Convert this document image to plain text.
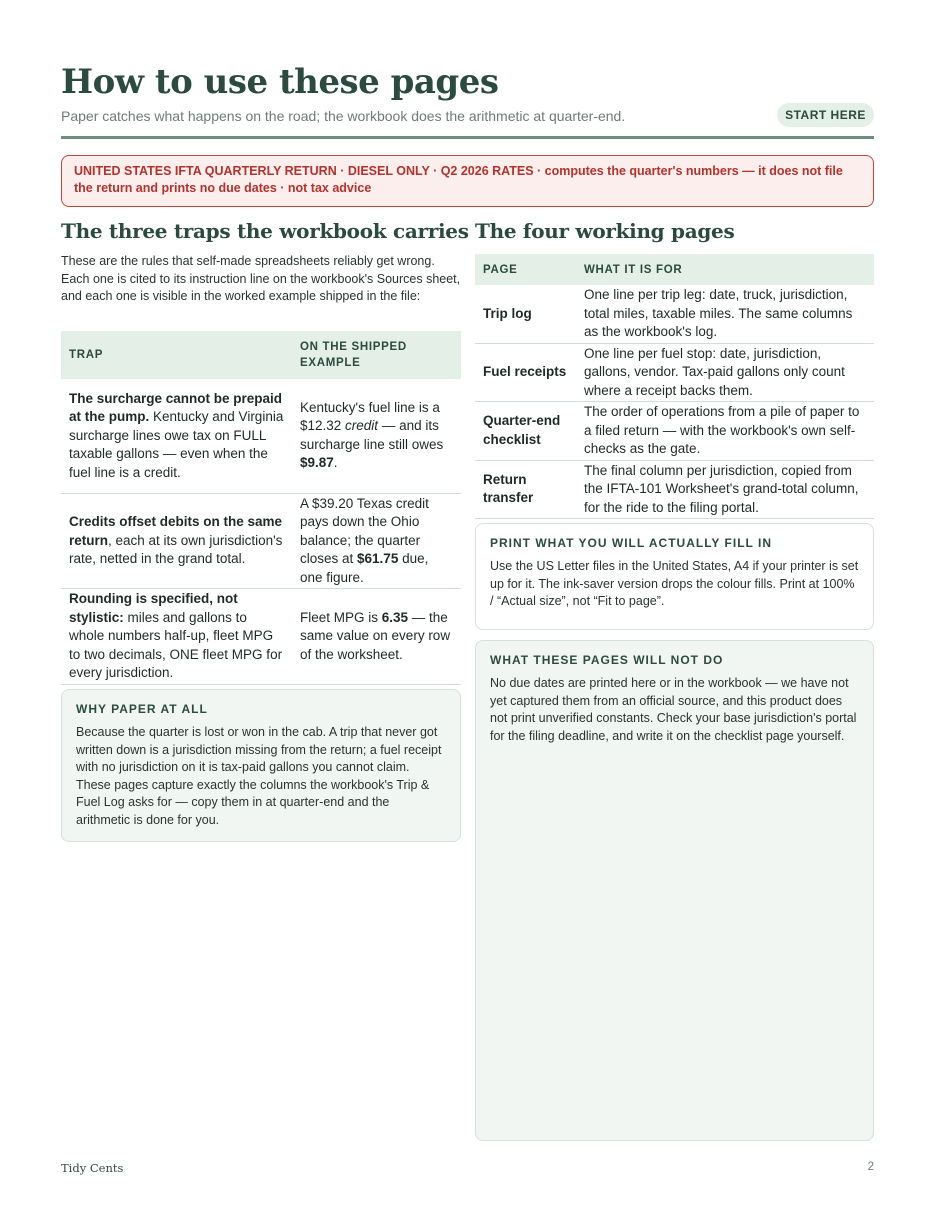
How to use these pages
Paper catches what happens on the road; the workbook does the arithmetic at quarter-end.	START HERE
UNITED STATES IFTA QUARTERLY RETURN · DIESEL ONLY · Q2 2026 RATES · computes the quarter's numbers — it does not file the return and prints no due dates · not tax advice
The three traps the workbook carries
These are the rules that self-made spreadsheets reliably get wrong. Each one is cited to its instruction line on the workbook's Sources sheet, and each one is visible in the worked example shipped in the file:
TRAP	ON THE SHIPPED EXAMPLE
The surcharge cannot be prepaid at the pump. Kentucky and Virginia surcharge lines owe tax on FULL taxable gallons — even when the fuel line is a credit.	Kentucky's fuel line is a $12.32 credit — and its surcharge line still owes $9.87.
Credits offset debits on the same return, each at its own jurisdiction's rate, netted in the grand total.	A $39.20 Texas credit pays down the Ohio balance; the quarter closes at $61.75 due, one figure.
Rounding is specified, not stylistic: miles and gallons to whole numbers half-up, fleet MPG to two decimals, ONE fleet MPG for every jurisdiction.	Fleet MPG is 6.35 — the same value on every row of the worksheet.
WHY PAPER AT ALL
Because the quarter is lost or won in the cab. A trip that never got written down is a jurisdiction missing from the return; a fuel receipt with no jurisdiction on it is tax-paid gallons you cannot claim. These pages capture exactly the columns the workbook's Trip & Fuel Log asks for — copy them in at quarter-end and the arithmetic is done for you.
The four working pages
PAGE	WHAT IT IS FOR
Trip log	One line per trip leg: date, truck, jurisdiction, total miles, taxable miles. The same columns as the workbook's log.
Fuel receipts	One line per fuel stop: date, jurisdiction, gallons, vendor. Tax-paid gallons only count where a receipt backs them.
Quarter-end checklist	The order of operations from a pile of paper to a filed return — with the workbook's own self-checks as the gate.
Return transfer	The final column per jurisdiction, copied from the IFTA-101 Worksheet's grand-total column, for the ride to the filing portal.
PRINT WHAT YOU WILL ACTUALLY FILL IN
Use the US Letter files in the United States, A4 if your printer is set up for it. The ink-saver version drops the colour fills. Print at 100% / “Actual size”, not “Fit to page”.
WHAT THESE PAGES WILL NOT DO
No due dates are printed here or in the workbook — we have not yet captured them from an official source, and this product does not print unverified constants. Check your base jurisdiction's portal for the filing deadline, and write it on the checklist page yourself.
Tidy Cents	2
